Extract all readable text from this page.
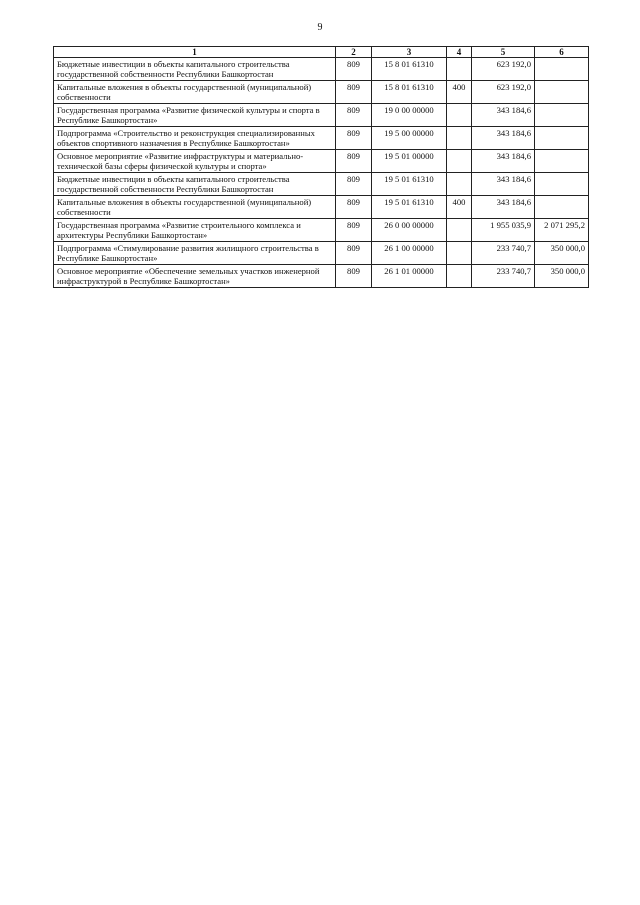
9
1	2	3	4	5	6
Бюджетные инвестиции в объекты капитального строительства государственной собственности Республики Башкортостан	809	15 8 01 61310		623 192,0	
Капитальные вложения в объекты государственной (муниципальной) собственности	809	15 8 01 61310	400	623 192,0	
Государственная программа «Развитие физической культуры и спорта в Республике Башкортостан»	809	19 0 00 00000		343 184,6	
Подпрограмма «Строительство и реконструкция специализированных объектов спортивного назначения в Республике Башкортостан»	809	19 5 00 00000		343 184,6	
Основное мероприятие «Развитие инфраструктуры и материально-технической базы сферы физической культуры и спорта»	809	19 5 01 00000		343 184,6	
Бюджетные инвестиции в объекты капитального строительства государственной собственности Республики Башкортостан	809	19 5 01 61310		343 184,6	
Капитальные вложения в объекты государственной (муниципальной) собственности	809	19 5 01 61310	400	343 184,6	
Государственная программа «Развитие строительного комплекса и архитектуры Республики Башкортостан»	809	26 0 00 00000		1 955 035,9	2 071 295,2
Подпрограмма «Стимулирование развития жилищного строительства в Республике Башкортостан»	809	26 1 00 00000		233 740,7	350 000,0
Основное мероприятие «Обеспечение земельных участков инженерной инфраструктурой в Республике Башкортостан»	809	26 1 01 00000		233 740,7	350 000,0
